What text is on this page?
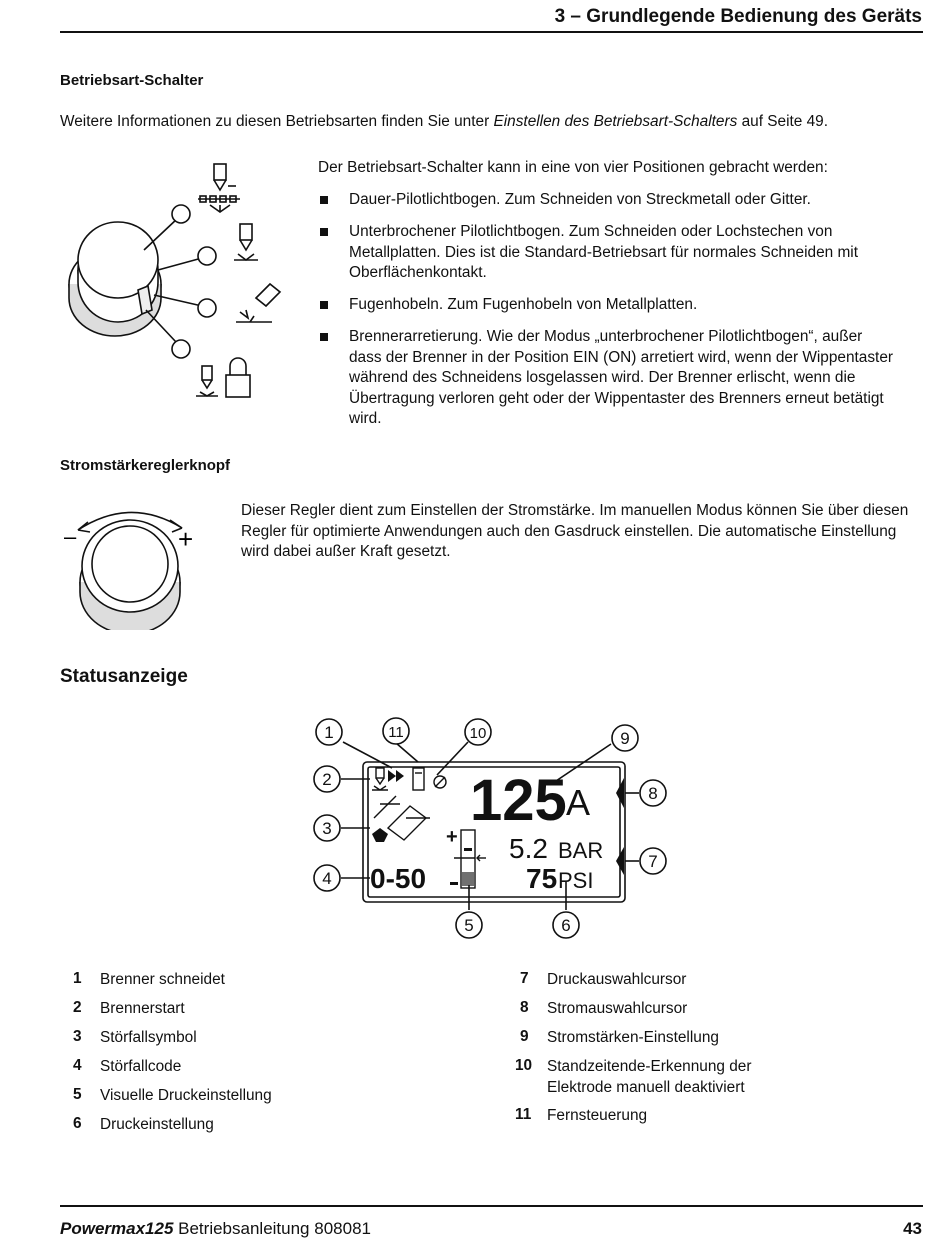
3 – Grundlegende Bedienung des Geräts
Betriebsart-Schalter
Weitere Informationen zu diesen Betriebsarten finden Sie unter Einstellen des Betriebsart-Schalters auf Seite 49.
Der Betriebsart-Schalter kann in eine von vier Positionen gebracht werden:
Dauer-Pilotlichtbogen. Zum Schneiden von Streckmetall oder Gitter.
Unterbrochener Pilotlichtbogen. Zum Schneiden oder Lochstechen von Metallplatten. Dies ist die Standard-Betriebsart für normales Schneiden mit Oberflächenkontakt.
Fugenhobeln. Zum Fugenhobeln von Metallplatten.
Brennerarretierung. Wie der Modus „unterbrochener Pilotlichtbogen“, außer dass der Brenner in der Position EIN (ON) arretiert wird, wenn der Wippentaster während des Schneidens losgelassen wird. Der Brenner erlischt, wenn die Übertragung verloren geht oder der Wippentaster des Brenners erneut betätigt wird.
Stromstärkereglerknopf
–	+
Dieser Regler dient zum Einstellen der Stromstärke. Im manuellen Modus können Sie über diesen Regler für optimierte Anwendungen auch den Gasdruck einstellen. Die automatische Einstellung wird dabei außer Kraft gesetzt.
Statusanzeige
1	11	10	9
2
8
3
7
4
5	6
125 A
+ 5.2 BAR
75 PSI
0-50
1 Brenner schneidet
2 Brennerstart
3 Störfallsymbol
4 Störfallcode
5 Visuelle Druckeinstellung
6 Druckeinstellung
7 Druckauswahlcursor
8 Stromauswahlcursor
9 Stromstärken-Einstellung
10 Standzeitende-Erkennung der Elektrode manuell deaktiviert
11 Fernsteuerung
Powermax125 Betriebsanleitung 808081	43
